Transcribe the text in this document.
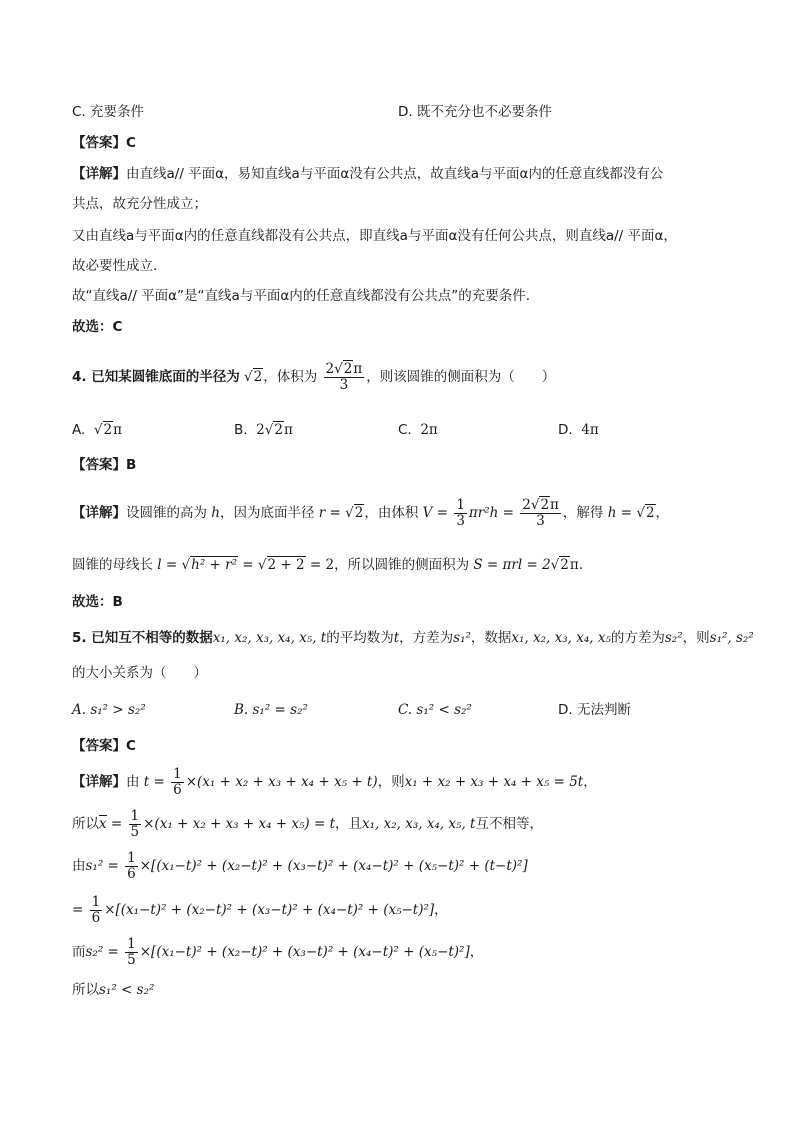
C. 充要条件	D. 既不充分也不必要条件
【答案】C
【详解】由直线a// 平面α，易知直线a与平面α没有公共点，故直线a与平面α内的任意直线都没有公
共点，故充分性成立；
又由直线a与平面α内的任意直线都没有公共点，即直线a与平面α没有任何公共点，则直线a// 平面α，
故必要性成立.
故“直线a// 平面α”是“直线a与平面α内的任意直线都没有公共点”的充要条件.
故选：C
4. 已知某圆锥底面的半径为 √2，体积为 $\frac{2√2\pi}{3}$ ，则该圆锥的侧面积为（　　）
A. √2π	B. 2√2π	C. 2π	D. 4π
【答案】B
【详解】设圆锥的高为 h，因为底面半径 r = √2，由体积 $V = \frac{1}{3} \pi r^2h = \frac{2√2\pi}{3}$ ，解得 h = √2，
圆锥的母线长 l = √h² + r² = √2 + 2 = 2，所以圆锥的侧面积为 S = πrl = 2√2π.
故选：B
5. 已知互不相等的数据x₁, x₂, x₃, x₄, x₅, t的平均数为t，方差为s₁²，数据x₁, x₂, x₃, x₄, x₅的方差为s₂²，则s₁², s₂²
的大小关系为（　　）
A. s₁² > s₂²	B. s₁² = s₂²	C. s₁² < s₂²	D. 无法判断
【答案】C
【详解】由 $t = \frac{1}{6} \times(x_1 + x_2 + x_3 + x_4 + x_5 + t)$，则x₁ + x₂ + x₃ + x₄ + x₅ = 5t，
所以$x = \frac{1}{5} \times(x_1 + x_2 + x_3 + x_4 + x_5) = t$，且x₁, x₂, x₃, x₄, x₅, t互不相等，
由$s_1^2 = \frac{1}{6} \times[(x_1-t)^2 + (x_2-t)^2 + (x_3-t)^2 + (x_4-t)^2 + (x_5-t)^2 + (t-t)^2]$
= $\frac{1}{6} \times[(x_1-t)^2 + (x_2-t)^2 + (x_3-t)^2 + (x_4-t)^2 + (x_5-t)^2]$，
而$s_2^2 = \frac{1}{5} \times[(x_1-t)^2 + (x_2-t)^2 + (x_3-t)^2 + (x_4-t)^2 + (x_5-t)^2]$，
所以s₁² < s₂²
